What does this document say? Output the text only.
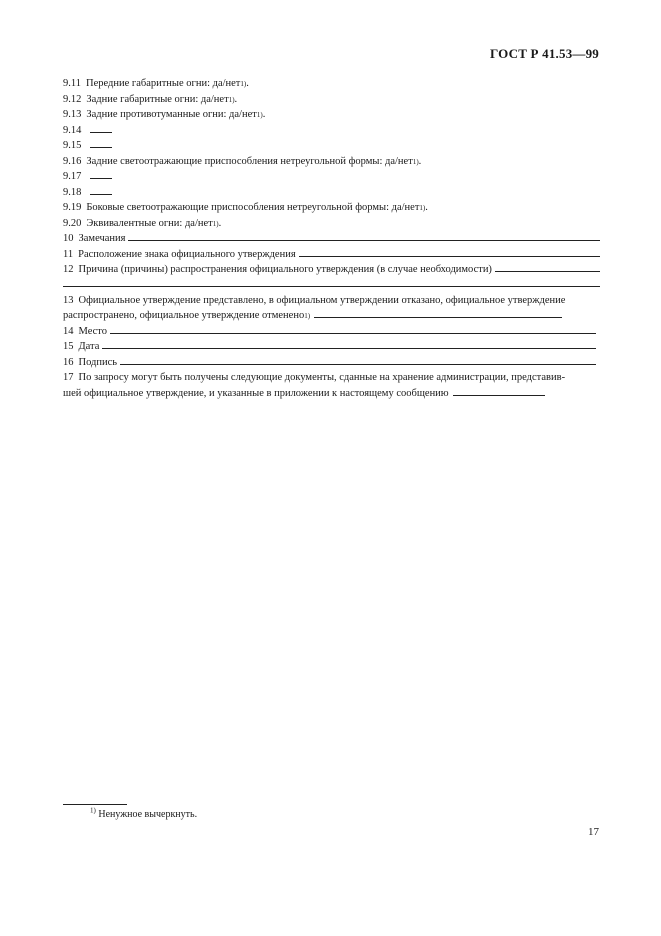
ГОСТ Р 41.53—99
9.11 Передние габаритные огни: да/нет 1) .
9.12 Задние габаритные огни: да/нет 1) .
9.13 Задние противотуманные огни: да/нет 1) .
9.14
9.15
9.16 Задние светоотражающие приспособления нетреугольной формы: да/нет 1) .
9.17
9.18
9.19 Боковые светоотражающие приспособления нетреугольной формы: да/нет 1) .
9.20 Эквивалентные огни: да/нет 1) .
10 Замечания
11 Расположение знака официального утверждения
12 Причина (причины) распространения официального утверждения (в случае необходимости)
13 Официальное утверждение представлено, в официальном утверждении отказано, официальное утверждение
распространено, официальное утверждение отменено 1)
14 Место
15 Дата
16 Подпись
17 По запросу могут быть получены следующие документы, сданные на хранение администрации, представив-
шей официальное утверждение, и указанные в приложении к настоящему сообщению
$^{1)}$ Ненужное вычеркнуть.
17
